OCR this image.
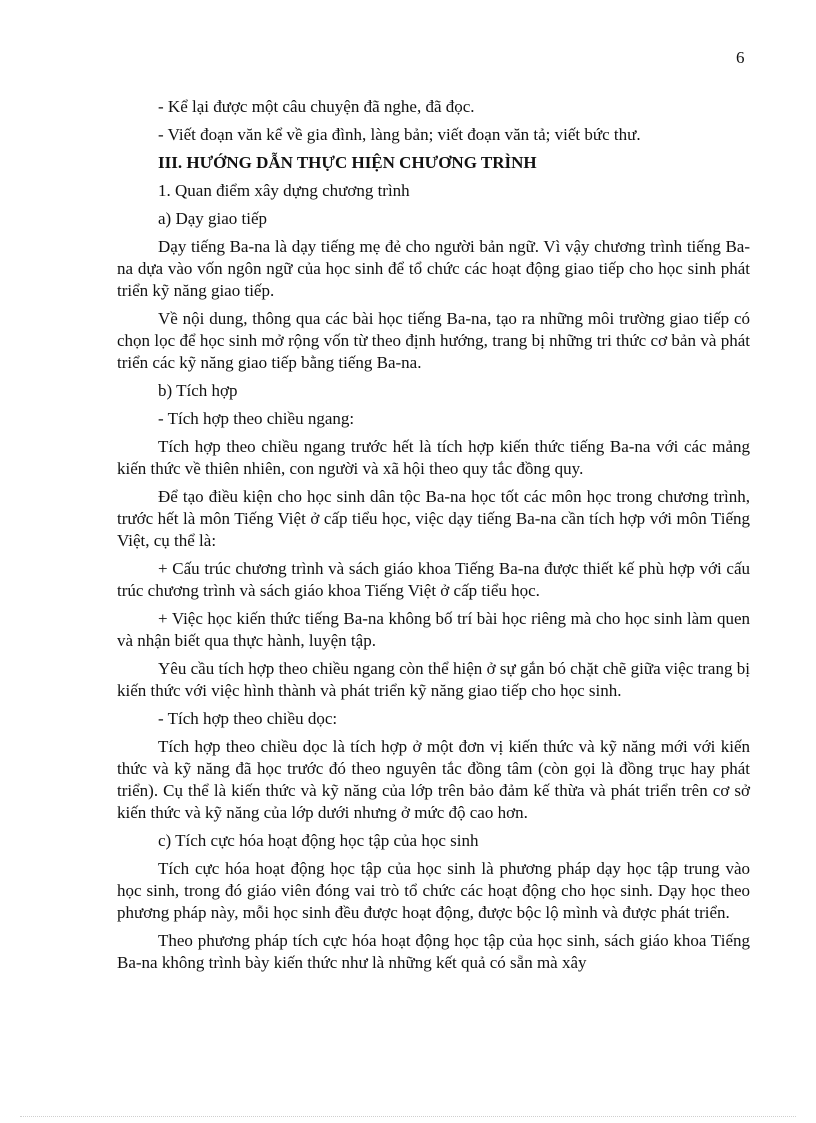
6

- Kể lại được một câu chuyện đã nghe, đã đọc.

- Viết đoạn văn kể về gia đình, làng bản; viết đoạn văn tả; viết bức thư.

III. HƯỚNG DẪN THỰC HIỆN CHƯƠNG TRÌNH

1. Quan điểm xây dựng chương trình

a) Dạy giao tiếp

Dạy tiếng Ba-na là dạy tiếng mẹ đẻ cho người bản ngữ. Vì vậy chương trình tiếng Ba-na dựa vào vốn ngôn ngữ của học sinh để tổ chức các hoạt động giao tiếp cho học sinh phát triển kỹ năng giao tiếp.

Về nội dung, thông qua các bài học tiếng Ba-na, tạo ra những môi trường giao tiếp có chọn lọc để học sinh mở rộng vốn từ theo định hướng, trang bị những tri thức cơ bản và phát triển các kỹ năng giao tiếp bằng tiếng Ba-na.

b) Tích hợp

- Tích hợp theo chiều ngang:

Tích hợp theo chiều ngang trước hết là tích hợp kiến thức tiếng Ba-na với các mảng kiến thức về thiên nhiên, con người và xã hội theo quy tắc đồng quy.

Để tạo điều kiện cho học sinh dân tộc Ba-na học tốt các môn học trong chương trình, trước hết là môn Tiếng Việt ở cấp tiểu học, việc dạy tiếng Ba-na cần tích hợp với môn Tiếng Việt, cụ thể là:

+ Cấu trúc chương trình và sách giáo khoa Tiếng Ba-na được thiết kế phù hợp với cấu trúc chương trình và sách giáo khoa Tiếng Việt ở cấp tiểu học.

+ Việc học kiến thức tiếng Ba-na không bố trí bài học riêng mà cho học sinh làm quen và nhận biết qua thực hành, luyện tập.

Yêu cầu tích hợp theo chiều ngang còn thể hiện ở sự gắn bó chặt chẽ giữa việc trang bị kiến thức với việc hình thành và phát triển kỹ năng giao tiếp cho học sinh.

- Tích hợp theo chiều dọc:

Tích hợp theo chiều dọc là tích hợp ở một đơn vị kiến thức và kỹ năng mới với kiến thức và kỹ năng đã học trước đó theo nguyên tắc đồng tâm (còn gọi là đồng trục hay phát triển). Cụ thể là kiến thức và kỹ năng của lớp trên bảo đảm kế thừa và phát triển trên cơ sở kiến thức và kỹ năng của lớp dưới nhưng ở mức độ cao hơn.

c) Tích cực hóa hoạt động học tập của học sinh

Tích cực hóa hoạt động học tập của học sinh là phương pháp dạy học tập trung vào học sinh, trong đó giáo viên đóng vai trò tổ chức các hoạt động cho học sinh. Dạy học theo phương pháp này, mỗi học sinh đều được hoạt động, được bộc lộ mình và được phát triển.

Theo phương pháp tích cực hóa hoạt động học tập của học sinh, sách giáo khoa Tiếng Ba-na không trình bày kiến thức như là những kết quả có sẵn mà xây
